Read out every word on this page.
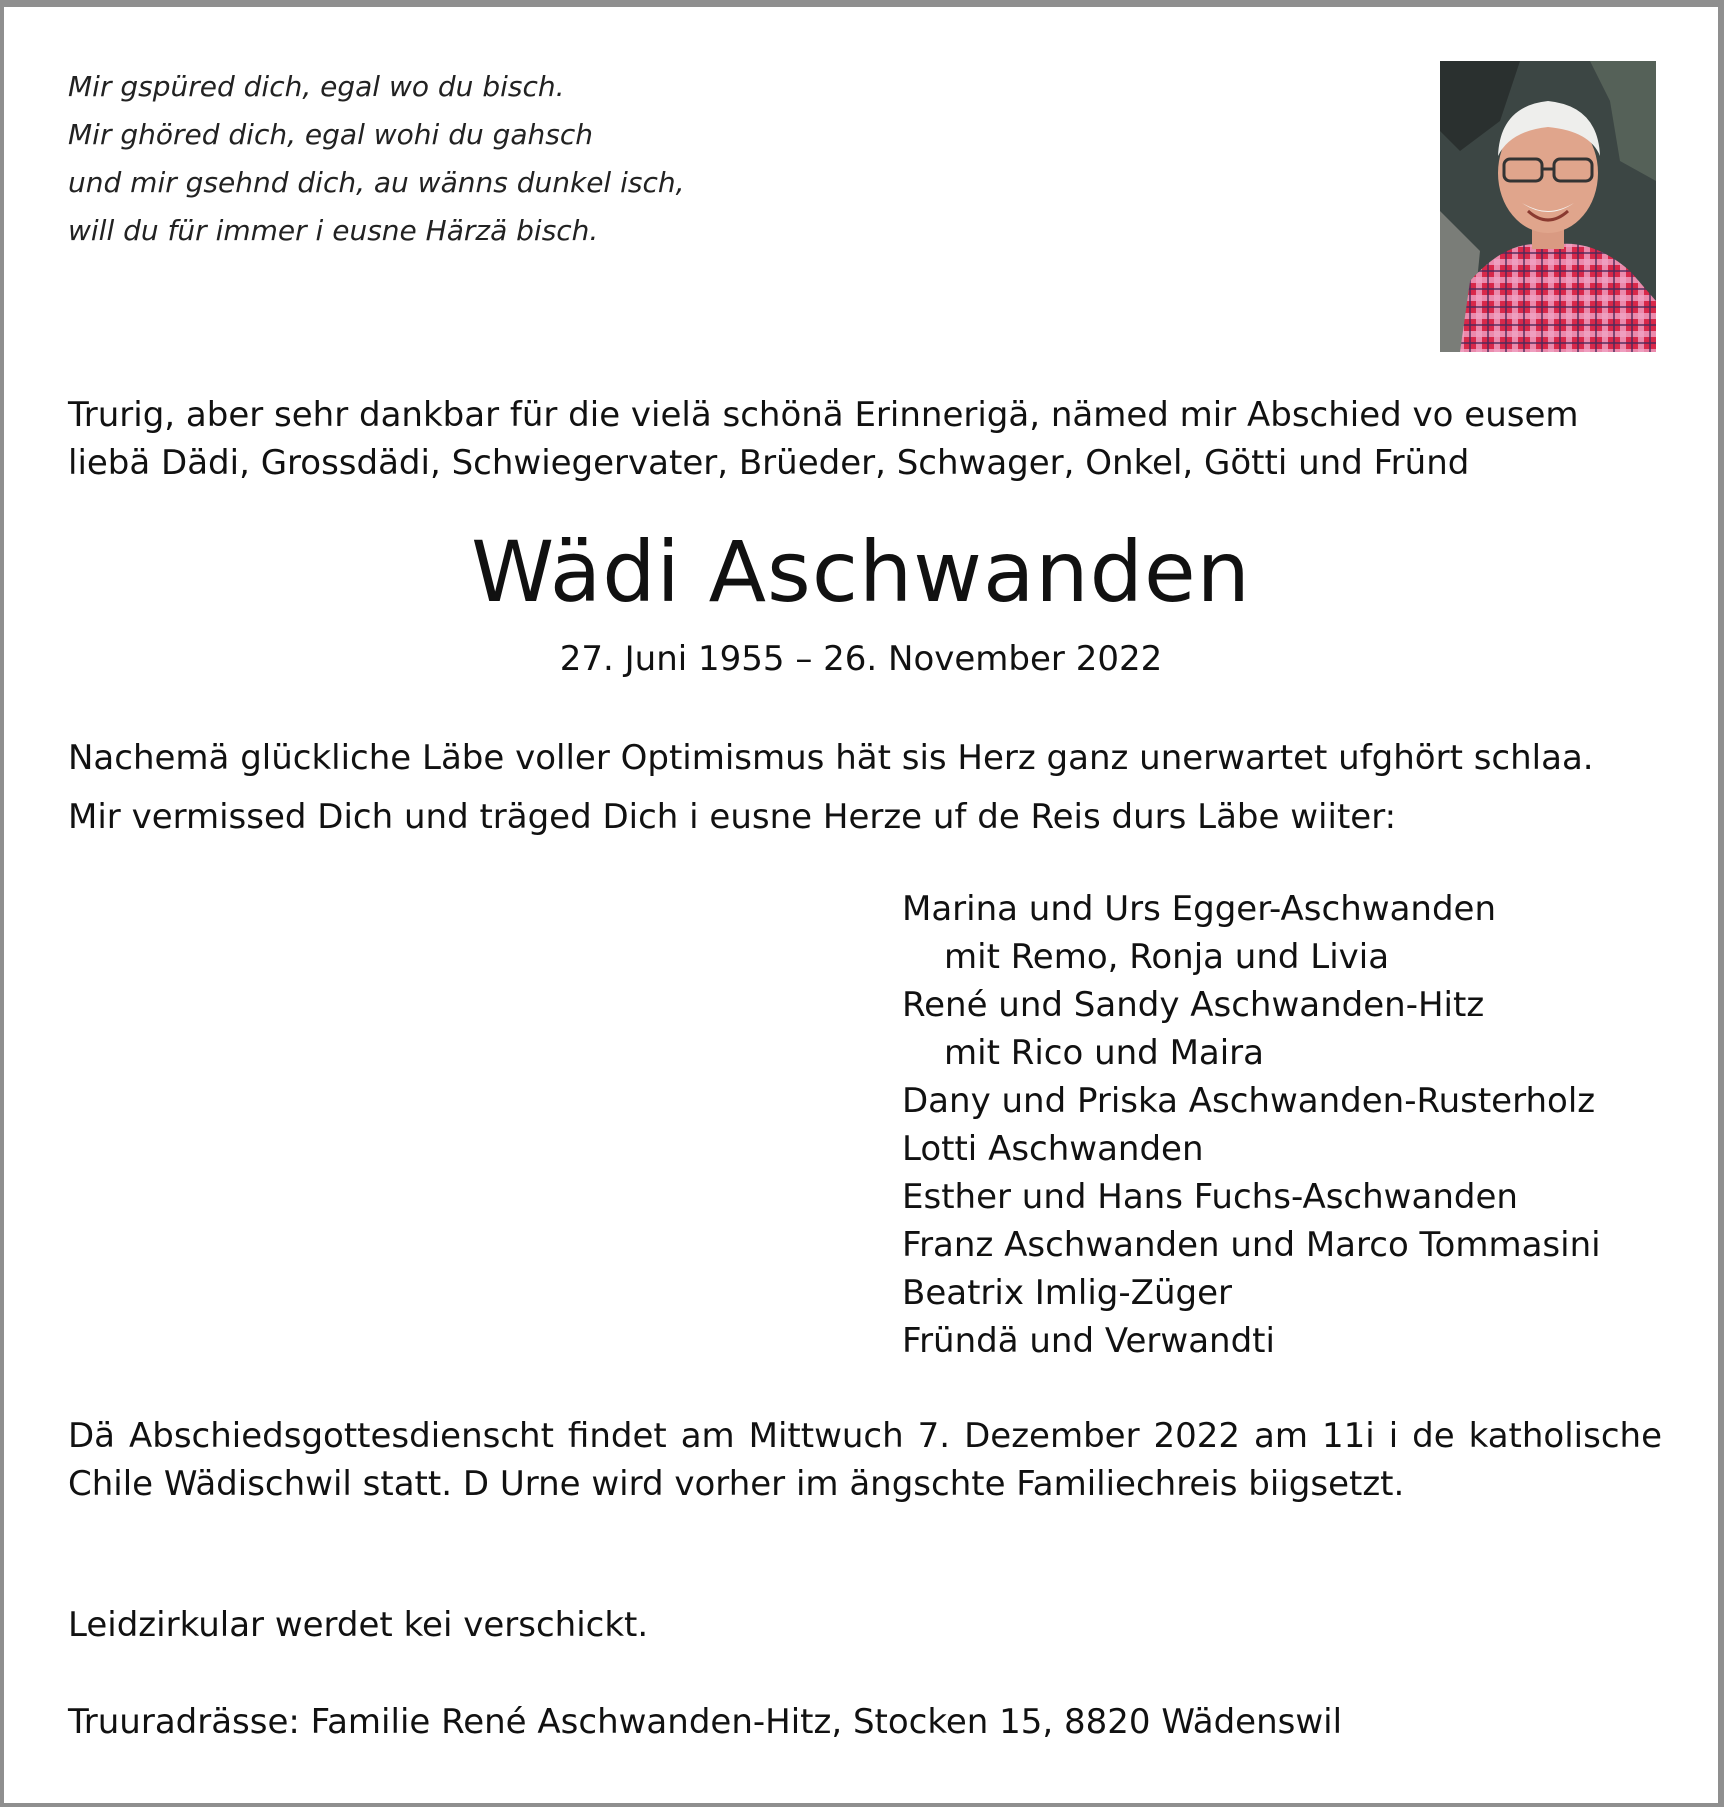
Mir gspüred dich, egal wo du bisch.
Mir ghöred dich, egal wohi du gahsch
und mir gsehnd dich, au wänns dunkel isch,
will du für immer i eusne Härzä bisch.
Trurig, aber sehr dankbar für die vielä schönä Erinnerigä, nämed mir Abschied vo eusem
liebä Dädi, Grossdädi, Schwiegervater, Brüeder, Schwager, Onkel, Götti und Fründ
Wädi Aschwanden
27. Juni 1955 – 26. November 2022
Nachemä glückliche Läbe voller Optimismus hät sis Herz ganz unerwartet ufghört schlaa.
Mir vermissed Dich und träged Dich i eusne Herze uf de Reis durs Läbe wiiter:
Marina und Urs Egger-Aschwanden
mit Remo, Ronja und Livia
René und Sandy Aschwanden-Hitz
mit Rico und Maira
Dany und Priska Aschwanden-Rusterholz
Lotti Aschwanden
Esther und Hans Fuchs-Aschwanden
Franz Aschwanden und Marco Tommasini
Beatrix Imlig-Züger
Fründä und Verwandti
Dä Abschiedsgottesdienscht findet am Mittwuch 7. Dezember 2022 am 11i i de katholische Chile Wädischwil statt. D Urne wird vorher im ängschte Familiechreis biigsetzt.
Leidzirkular werdet kei verschickt.
Truuradrässe: Familie René Aschwanden-Hitz, Stocken 15, 8820 Wädenswil
